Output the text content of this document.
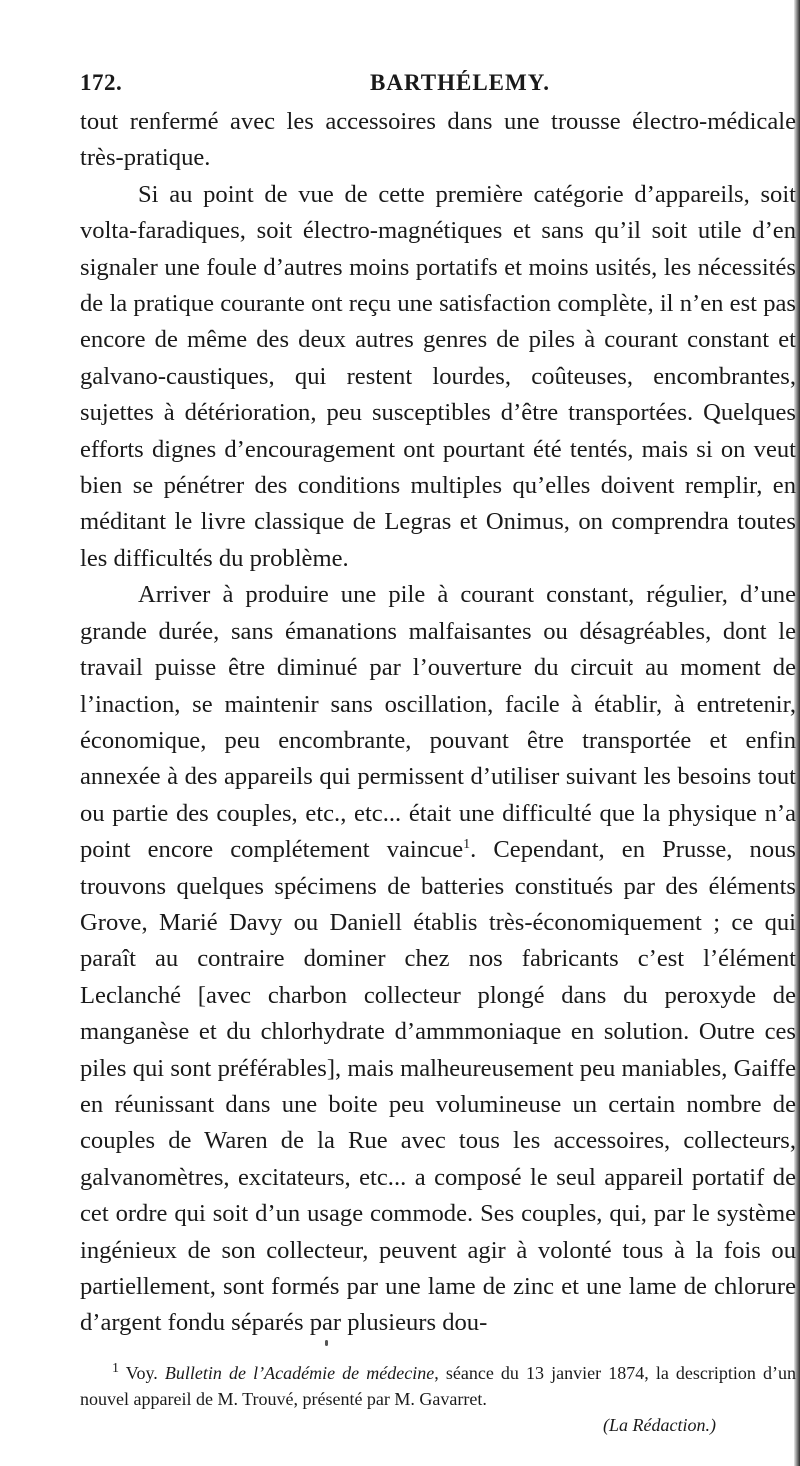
172.	BARTHÉLEMY.

tout renfermé avec les accessoires dans une trousse électro-médicale très-pratique.

Si au point de vue de cette première catégorie d’appareils, soit volta-faradiques, soit électro-magnétiques et sans qu’il soit utile d’en signaler une foule d’autres moins portatifs et moins usités, les nécessités de la pratique courante ont reçu une satisfaction complète, il n’en est pas encore de même des deux autres genres de piles à courant constant et galvano-caustiques, qui restent lourdes, coûteuses, encombrantes, sujettes à détérioration, peu susceptibles d’être transportées. Quelques efforts dignes d’encouragement ont pourtant été tentés, mais si on veut bien se pénétrer des conditions multiples qu’elles doivent remplir, en méditant le livre classique de Legras et Onimus, on comprendra toutes les difficultés du problème.

Arriver à produire une pile à courant constant, régulier, d’une grande durée, sans émanations malfaisantes ou désagréables, dont le travail puisse être diminué par l’ouverture du circuit au moment de l’inaction, se maintenir sans oscillation, facile à établir, à entretenir, économique, peu encombrante, pouvant être transportée et enfin annexée à des appareils qui permissent d’utiliser suivant les besoins tout ou partie des couples, etc., etc... était une difficulté que la physique n’a point encore complétement vaincue$^1$. Cependant, en Prusse, nous trouvons quelques spécimens de batteries constitués par des éléments Grove, Marié Davy ou Daniell établis très-économiquement ; ce qui paraît au contraire dominer chez nos fabricants c’est l’élément Leclanché [avec charbon collecteur plongé dans du peroxyde de manganèse et du chlorhydrate d’ammmoniaque en solution. Outre ces piles qui sont préférables], mais malheureusement peu maniables, Gaiffe en réunissant dans une boite peu volumineuse un certain nombre de couples de Waren de la Rue avec tous les accessoires, collecteurs, galvanomètres, excitateurs, etc... a composé le seul appareil portatif de cet ordre qui soit d’un usage commode. Ses couples, qui, par le système ingénieux de son collecteur, peuvent agir à volonté tous à la fois ou partiellement, sont formés par une lame de zinc et une lame de chlorure d’argent fondu séparés par plusieurs dou-

$^1$ Voy. Bulletin de l’Académie de médecine, séance du 13 janvier 1874, la description d’un nouvel appareil de M. Trouvé, présenté par M. Gavarret.

(La Rédaction.)
